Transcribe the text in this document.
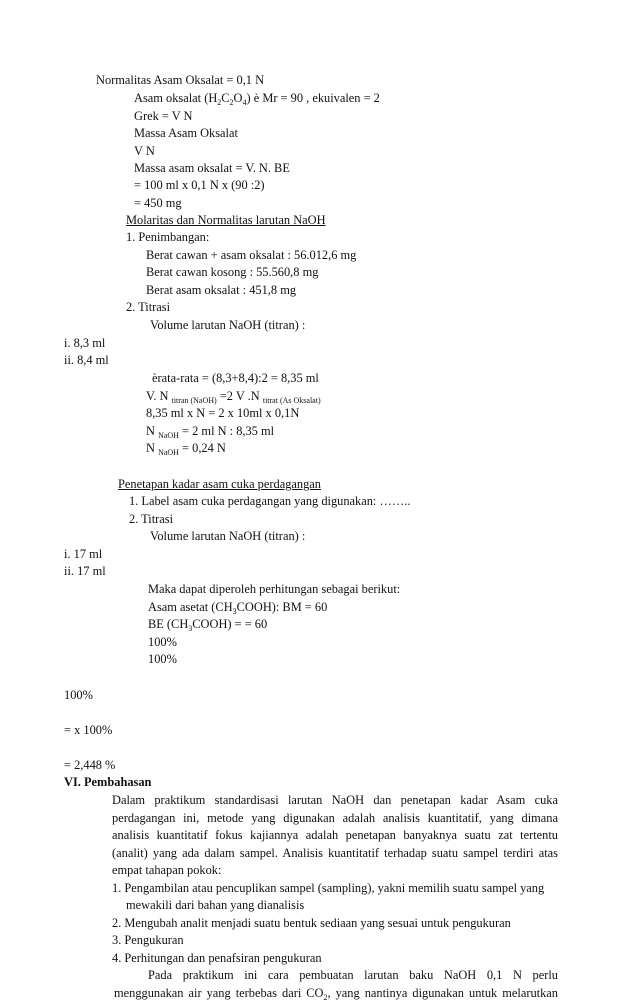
Normalitas Asam Oksalat = 0,1 N
Asam oksalat $(H_2C_2O_4)$ è Mr = 90 , ekuivalen = 2
Grek = V N
Massa Asam Oksalat
V N
Massa asam oksalat = V. N. BE
= 100 ml x 0,1 N x (90 :2)
= 450 mg
Molaritas dan Normalitas larutan NaOH
1. Penimbangan:
Berat cawan + asam oksalat : 56.012,6 mg
Berat cawan kosong : 55.560,8 mg
Berat asam oksalat : 451,8 mg
2. Titrasi
Volume larutan NaOH (titran) :
i. 8,3 ml
ii. 8,4 ml
èrata-rata = (8,3+8,4):2 = 8,35 ml
V. N $_{titran (NaOH)}$ =2 V .N $_{titrat (As Oksalat)}$
8,35 ml x N = 2 x 10ml x 0,1N
N $_{NaOH}$ = 2 ml N : 8,35 ml
N $_{NaOH}$ = 0,24 N
Penetapan kadar asam cuka perdagangan
1. Label asam cuka perdagangan yang digunakan: ……..
2. Titrasi
Volume larutan NaOH (titran) :
i. 17 ml
ii. 17 ml
Maka dapat diperoleh perhitungan sebagai berikut:
Asam asetat $(CH_3COOH)$: BM = 60
BE $(CH_3COOH)$ = = 60
100%
100%
100%
= x 100%
= 2,448 %
VI. Pembahasan
Dalam praktikum standardisasi larutan NaOH dan penetapan kadar Asam cuka
perdagangan ini, metode yang digunakan adalah analisis kuantitatif, yang dimana
analisis kuantitatif fokus kajiannya adalah penetapan banyaknya suatu zat tertentu
(analit) yang ada dalam sampel. Analisis kuantitatif terhadap suatu sampel terdiri atas
empat tahapan pokok:
1. Pengambilan atau pencuplikan sampel (sampling), yakni memilih suatu sampel yang
mewakili dari bahan yang dianalisis
2. Mengubah analit menjadi suatu bentuk sediaan yang sesuai untuk pengukuran
3. Pengukuran
4. Perhitungan dan penafsiran pengukuran
Pada praktikum ini cara pembuatan larutan baku NaOH 0,1 N perlu
menggunakan air yang terbebas dari $CO_2$, yang nantinya digunakan untuk melarutkan
